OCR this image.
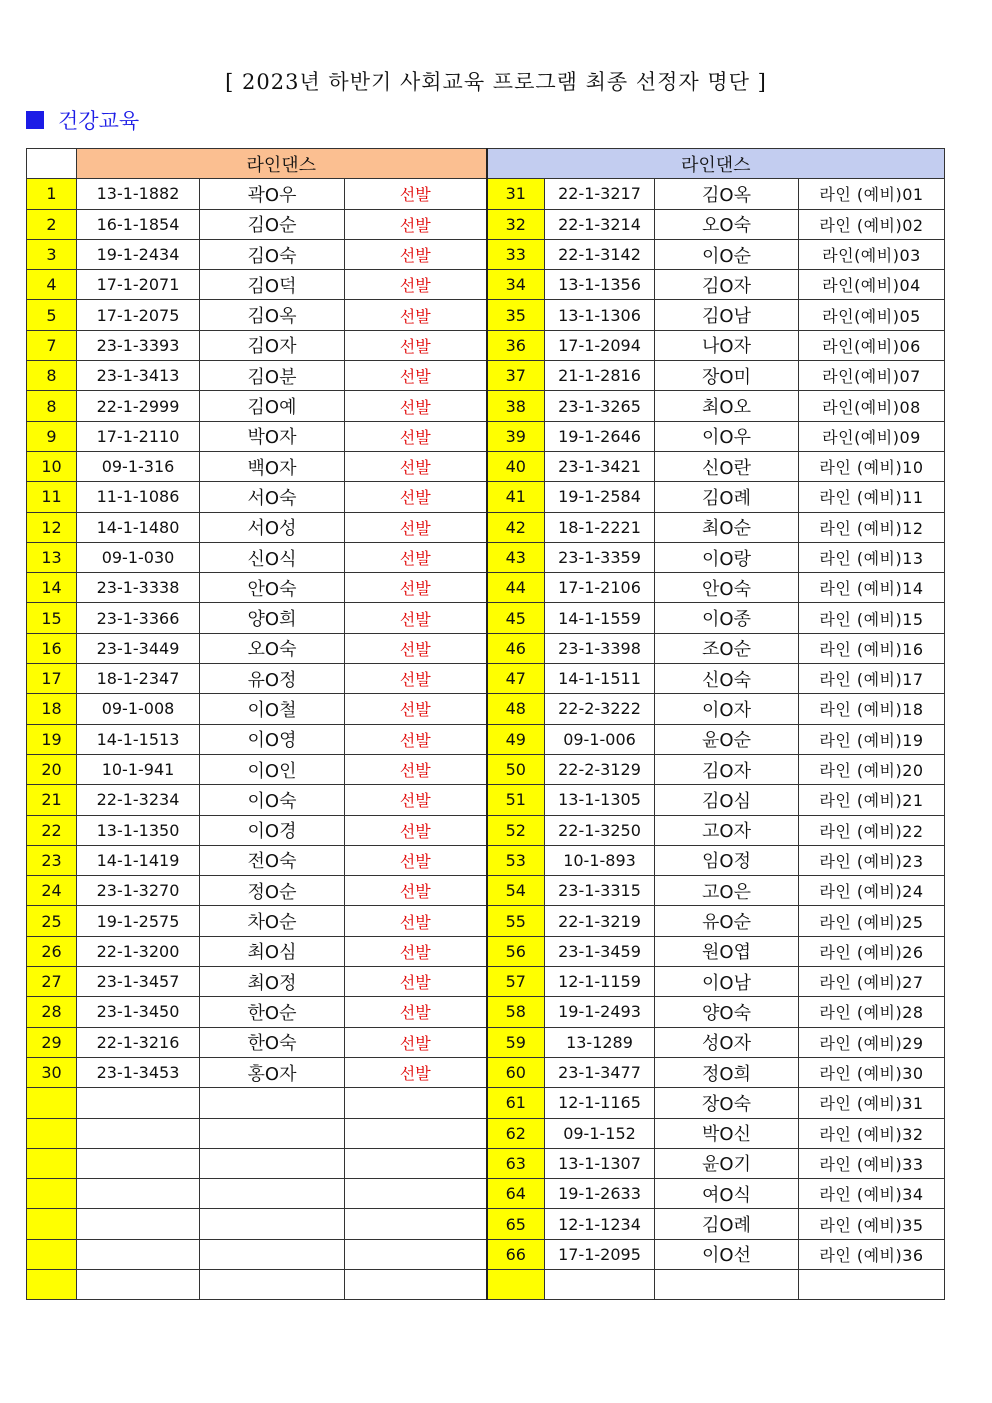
[ 2023년 하반기 사회교육 프로그램 최종 선정자 명단 ]
건강교육
	라인댄스			라인댄스			
1	13-1-1882	곽O우	선발	31	22-1-3217	김O옥	라인 (예비)01
2	16-1-1854	김O순	선발	32	22-1-3214	오O숙	라인 (예비)02
3	19-1-2434	김O숙	선발	33	22-1-3142	이O순	라인(예비)03
4	17-1-2071	김O덕	선발	34	13-1-1356	김O자	라인(예비)04
5	17-1-2075	김O옥	선발	35	13-1-1306	김O남	라인(예비)05
7	23-1-3393	김O자	선발	36	17-1-2094	나O자	라인(예비)06
8	23-1-3413	김O분	선발	37	21-1-2816	장O미	라인(예비)07
8	22-1-2999	김O예	선발	38	23-1-3265	최O오	라인(예비)08
9	17-1-2110	박O자	선발	39	19-1-2646	이O우	라인(예비)09
10	09-1-316	백O자	선발	40	23-1-3421	신O란	라인 (예비)10
11	11-1-1086	서O숙	선발	41	19-1-2584	김O례	라인 (예비)11
12	14-1-1480	서O성	선발	42	18-1-2221	최O순	라인 (예비)12
13	09-1-030	신O식	선발	43	23-1-3359	이O랑	라인 (예비)13
14	23-1-3338	안O숙	선발	44	17-1-2106	안O숙	라인 (예비)14
15	23-1-3366	양O희	선발	45	14-1-1559	이O종	라인 (예비)15
16	23-1-3449	오O숙	선발	46	23-1-3398	조O순	라인 (예비)16
17	18-1-2347	유O정	선발	47	14-1-1511	신O숙	라인 (예비)17
18	09-1-008	이O철	선발	48	22-2-3222	이O자	라인 (예비)18
19	14-1-1513	이O영	선발	49	09-1-006	윤O순	라인 (예비)19
20	10-1-941	이O인	선발	50	22-2-3129	김O자	라인 (예비)20
21	22-1-3234	이O숙	선발	51	13-1-1305	김O심	라인 (예비)21
22	13-1-1350	이O경	선발	52	22-1-3250	고O자	라인 (예비)22
23	14-1-1419	전O숙	선발	53	10-1-893	임O정	라인 (예비)23
24	23-1-3270	정O순	선발	54	23-1-3315	고O은	라인 (예비)24
25	19-1-2575	차O순	선발	55	22-1-3219	유O순	라인 (예비)25
26	22-1-3200	최O심	선발	56	23-1-3459	원O엽	라인 (예비)26
27	23-1-3457	최O정	선발	57	12-1-1159	이O남	라인 (예비)27
28	23-1-3450	한O순	선발	58	19-1-2493	양O숙	라인 (예비)28
29	22-1-3216	한O숙	선발	59	13-1289	성O자	라인 (예비)29
30	23-1-3453	홍O자	선발	60	23-1-3477	정O희	라인 (예비)30
				61	12-1-1165	장O숙	라인 (예비)31
				62	09-1-152	박O신	라인 (예비)32
				63	13-1-1307	윤O기	라인 (예비)33
				64	19-1-2633	여O식	라인 (예비)34
				65	12-1-1234	김O례	라인 (예비)35
				66	17-1-2095	이O선	라인 (예비)36
